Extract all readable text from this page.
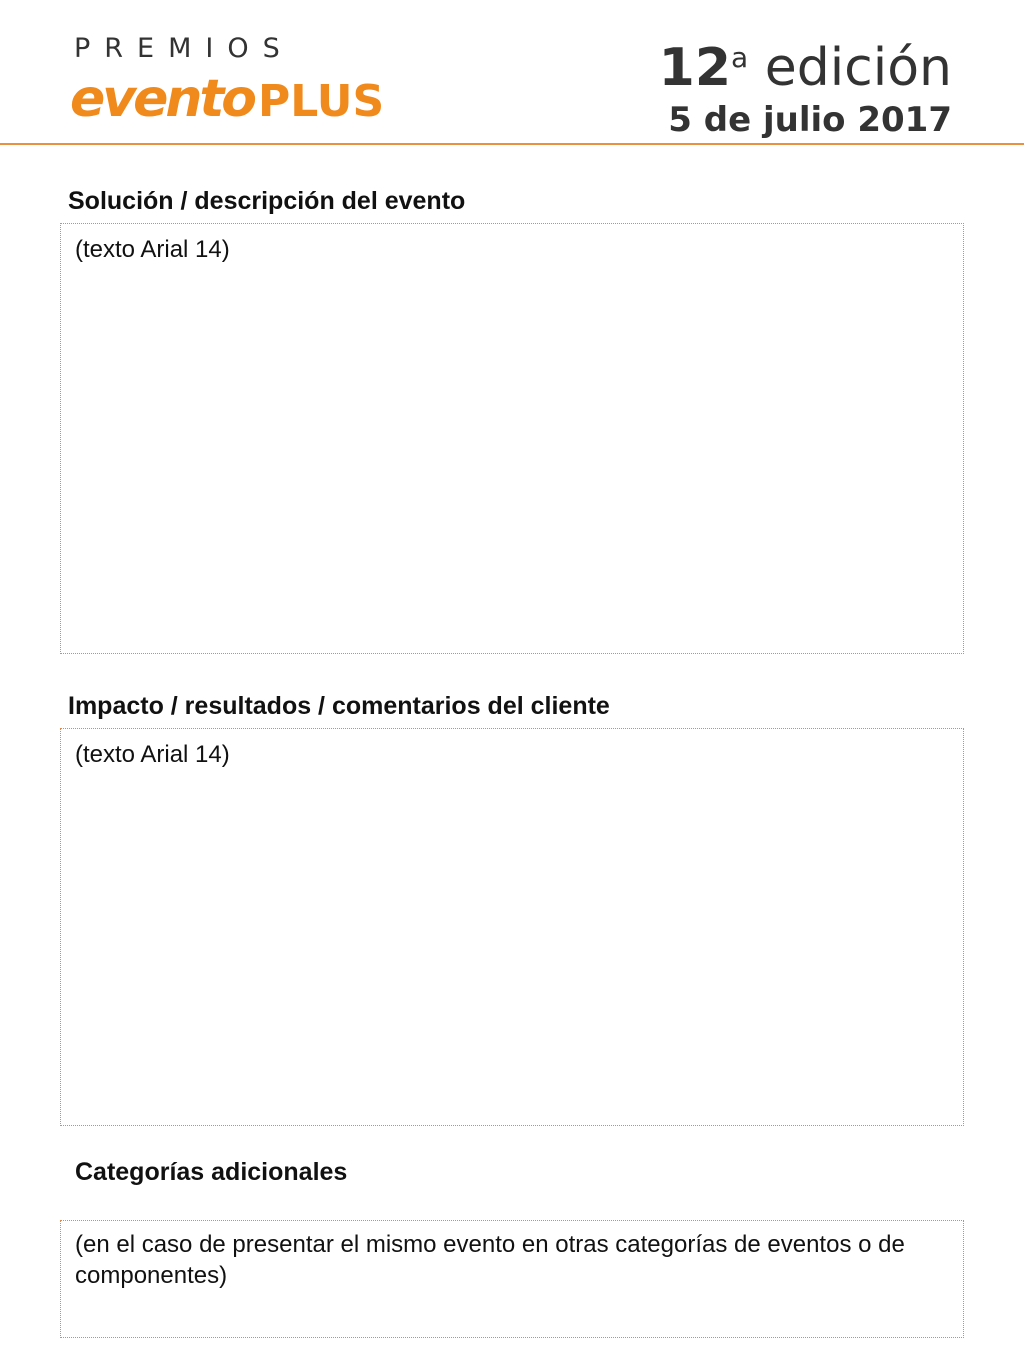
PREMIOS
eventoPLUS
12$^a$ edición
5 de julio 2017
Solución / descripción del evento
(texto Arial 14)
Impacto / resultados / comentarios del cliente
(texto Arial 14)
Categorías adicionales
(en el caso de presentar el mismo evento en otras categorías de eventos o de componentes)
